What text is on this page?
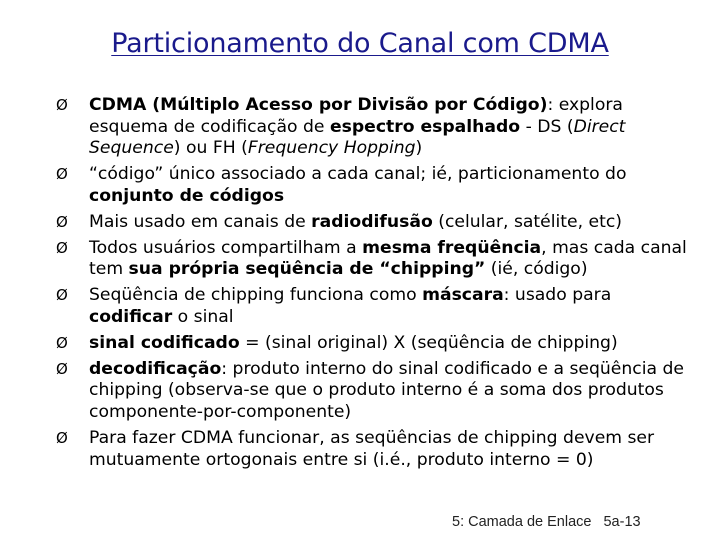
Particionamento do Canal com CDMA
Ø CDMA (Múltiplo Acesso por Divisão por Código): explora esquema de codificação de espectro espalhado - DS (Direct Sequence) ou FH (Frequency Hopping)
Ø “código” único associado a cada canal; ié, particionamento do conjunto de códigos
Ø Mais usado em canais de radiodifusão (celular, satélite, etc)
Ø Todos usuários compartilham a mesma freqüência, mas cada canal tem sua própria seqüência de “chipping” (ié, código)
Ø Seqüência de chipping funciona como máscara: usado para codificar o sinal
Ø sinal codificado = (sinal original) X (seqüência de chipping)
Ø decodificação: produto interno do sinal codificado e a seqüência de chipping (observa-se que o produto interno é a soma dos produtos componente-por-componente)
Ø Para fazer CDMA funcionar, as seqüências de chipping devem ser mutuamente ortogonais entre si (i.é., produto interno = 0)
5: Camada de Enlace 5a-13
